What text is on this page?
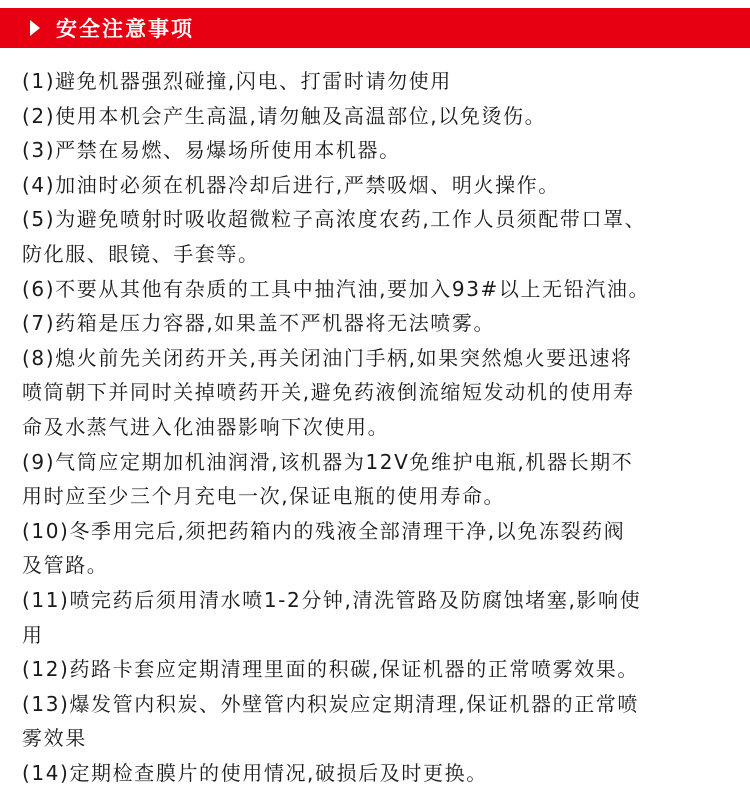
安全注意事项
(1)避免机器强烈碰撞,闪电、打雷时请勿使用
(2)使用本机会产生高温,请勿触及高温部位,以免烫伤。
(3)严禁在易燃、易爆场所使用本机器。
(4)加油时必须在机器冷却后进行,严禁吸烟、明火操作。
(5)为避免喷射时吸收超微粒子高浓度农药,工作人员须配带口罩、
防化服、眼镜、手套等。
(6)不要从其他有杂质的工具中抽汽油,要加入93#以上无铅汽油。
(7)药箱是压力容器,如果盖不严机器将无法喷雾。
(8)熄火前先关闭药开关,再关闭油门手柄,如果突然熄火要迅速将
喷筒朝下并同时关掉喷药开关,避免药液倒流缩短发动机的使用寿
命及水蒸气进入化油器影响下次使用。
(9)气筒应定期加机油润滑,该机器为12V免维护电瓶,机器长期不
用时应至少三个月充电一次,保证电瓶的使用寿命。
(10)冬季用完后,须把药箱内的残液全部清理干净,以免冻裂药阀
及管路。
(11)喷完药后须用清水喷1-2分钟,清洗管路及防腐蚀堵塞,影响使
用
(12)药路卡套应定期清理里面的积碳,保证机器的正常喷雾效果。
(13)爆发管内积炭、外壁管内积炭应定期清理,保证机器的正常喷
雾效果
(14)定期检查膜片的使用情况,破损后及时更换。
